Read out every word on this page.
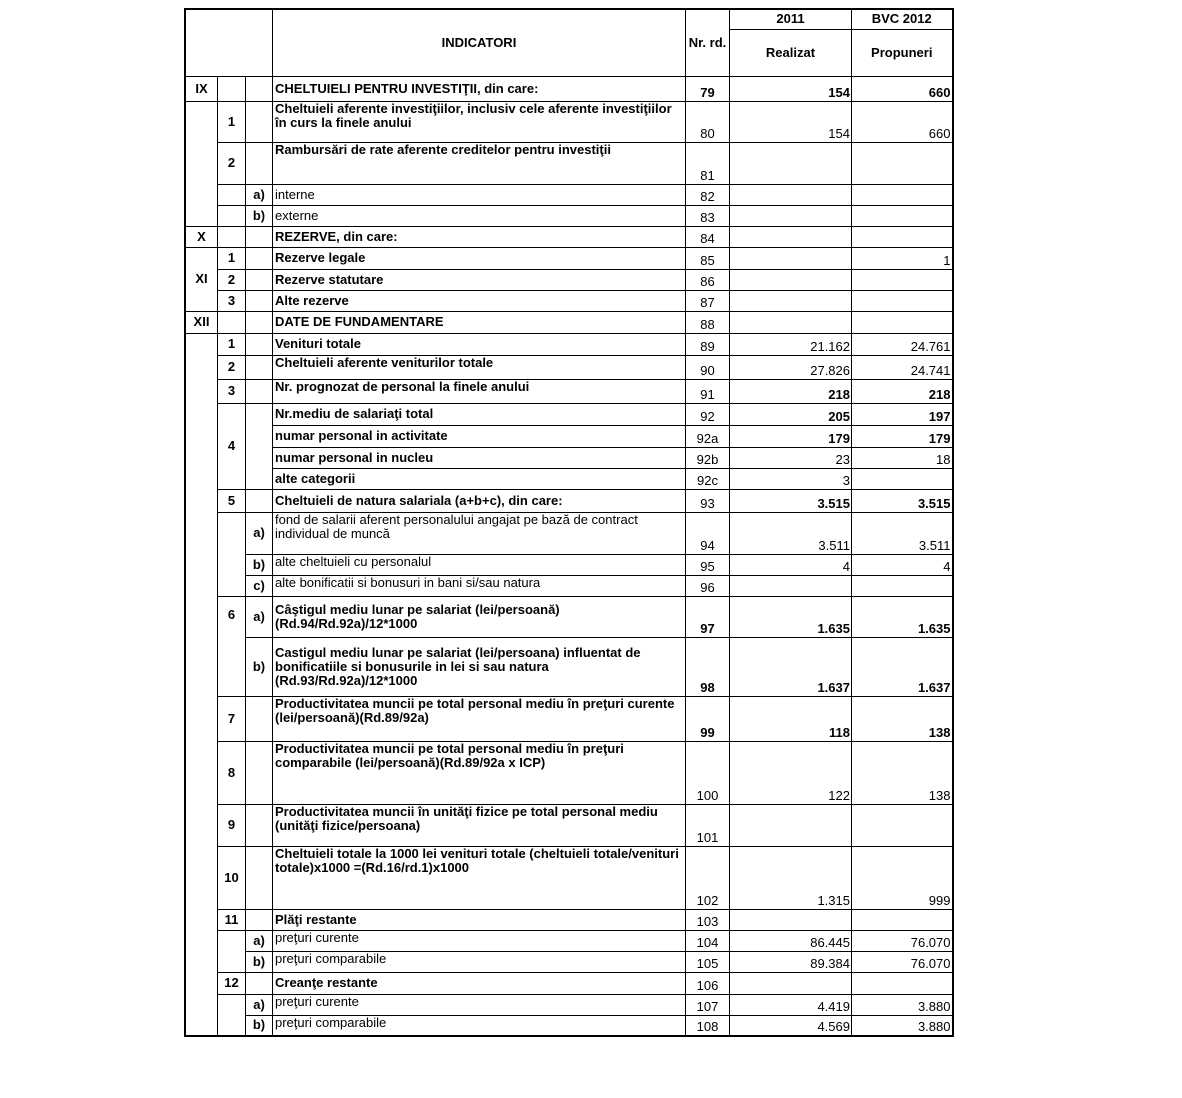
			INDICATORI	Nr. rd.	2011	BVC 2012
					Realizat	Propuneri
IX			CHELTUIELI PENTRU INVESTIŢII, din care:	79	154	660
	1		Cheltuieli aferente investiţiilor, inclusiv cele aferente investiţiilor în curs la finele anului	80	154	660
	2		Rambursări de rate aferente creditelor pentru investiţii	81		
		a)	interne	82		
		b)	externe	83		
X			REZERVE, din care:	84		
XI	1		Rezerve legale	85		1
	2		Rezerve statutare	86		
	3		Alte rezerve	87		
XII			DATE DE FUNDAMENTARE	88		
	1		Venituri totale	89	21.162	24.761
	2		Cheltuieli aferente veniturilor totale	90	27.826	24.741
	3		Nr. prognozat de personal la finele anului	91	218	218
	4		Nr.mediu de salariaţi total	92	205	197
			numar personal in activitate	92a	179	179
			numar personal in nucleu	92b	23	18
			alte categorii	92c	3	
	5		Cheltuieli de natura salariala (a+b+c), din care:	93	3.515	3.515
		a)	fond de salarii aferent personalului angajat pe bază de contract individual de muncă	94	3.511	3.511
		b)	alte cheltuieli cu personalul	95	4	4
		c)	alte bonificatii si bonusuri in bani si/sau natura	96		
	6	a)	Câştigul mediu lunar pe salariat (lei/persoană) (Rd.94/Rd.92a)/12*1000	97	1.635	1.635
		b)	Castigul mediu lunar pe salariat (lei/persoana) influentat de bonificatiile si bonusurile in lei si sau natura (Rd.93/Rd.92a)/12*1000	98	1.637	1.637
	7		Productivitatea muncii pe total personal mediu în preţuri curente (lei/persoană)(Rd.89/92a)	99	118	138
	8		Productivitatea muncii pe total personal mediu în preţuri comparabile (lei/persoană)(Rd.89/92a x ICP)	100	122	138
	9		Productivitatea muncii în unităţi fizice pe total personal mediu (unităţi fizice/persoana)	101		
	10		Cheltuieli totale la 1000 lei venituri totale (cheltuieli totale/venituri totale)x1000 =(Rd.16/rd.1)x1000	102	1.315	999
	11		Plăţi restante	103		
		a)	preţuri curente	104	86.445	76.070
		b)	preţuri comparabile	105	89.384	76.070
	12		Creanţe restante	106		
		a)	preţuri curente	107	4.419	3.880
		b)	preţuri comparabile	108	4.569	3.880
